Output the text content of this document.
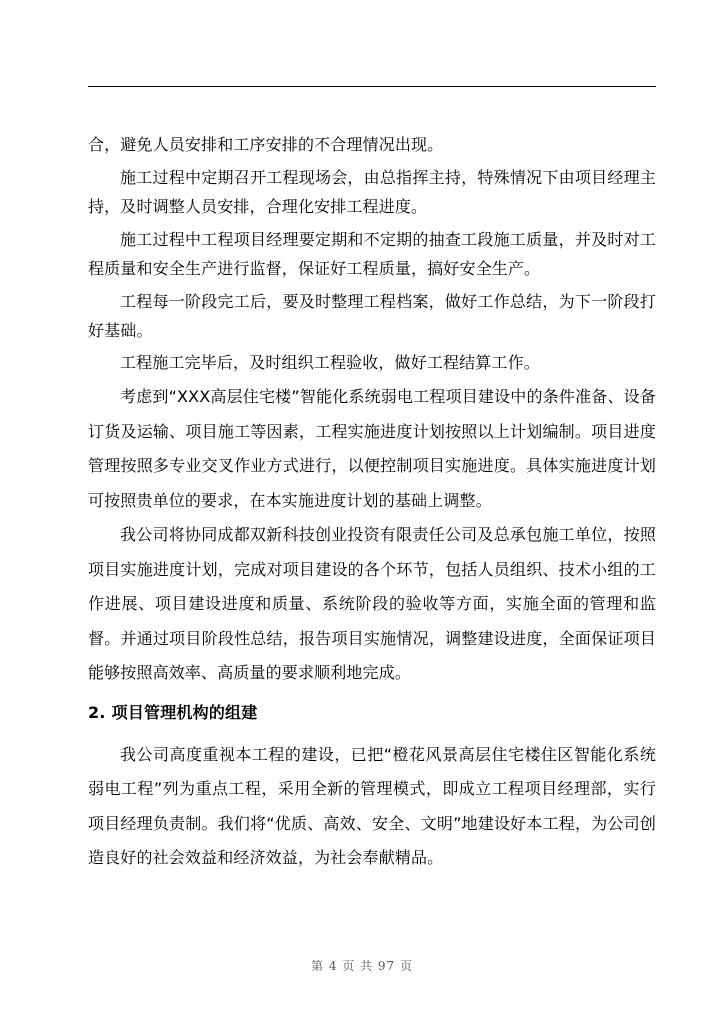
合，避免人员安排和工序安排的不合理情况出现。

施工过程中定期召开工程现场会，由总指挥主持，特殊情况下由项目经理主持，及时调整人员安排，合理化安排工程进度。

施工过程中工程项目经理要定期和不定期的抽查工段施工质量，并及时对工程质量和安全生产进行监督，保证好工程质量，搞好安全生产。

工程每一阶段完工后，要及时整理工程档案，做好工作总结，为下一阶段打好基础。

工程施工完毕后，及时组织工程验收，做好工程结算工作。

考虑到“XXX高层住宅楼”智能化系统弱电工程项目建设中的条件准备、设备订货及运输、项目施工等因素，工程实施进度计划按照以上计划编制。项目进度管理按照多专业交叉作业方式进行，以便控制项目实施进度。具体实施进度计划可按照贵单位的要求，在本实施进度计划的基础上调整。

我公司将协同成都双新科技创业投资有限责任公司及总承包施工单位，按照项目实施进度计划，完成对项目建设的各个环节，包括人员组织、技术小组的工作进展、项目建设进度和质量、系统阶段的验收等方面，实施全面的管理和监督。并通过项目阶段性总结，报告项目实施情况，调整建设进度，全面保证项目能够按照高效率、高质量的要求顺利地完成。

2. 项目管理机构的组建

我公司高度重视本工程的建设，已把“橙花风景高层住宅楼住区智能化系统弱电工程”列为重点工程，采用全新的管理模式，即成立工程项目经理部，实行项目经理负责制。我们将“优质、高效、安全、文明”地建设好本工程，为公司创造良好的社会效益和经济效益，为社会奉献精品。

第 4 页 共 97 页
